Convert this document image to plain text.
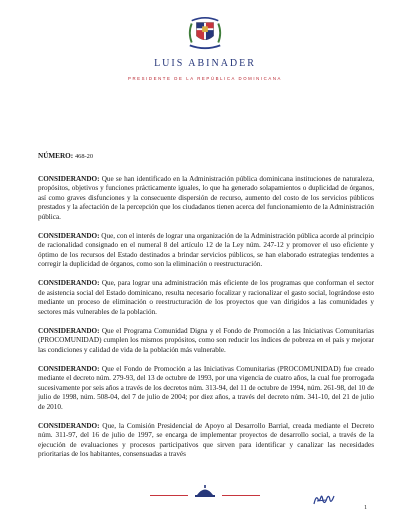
LUIS ABINADER
PRESIDENTE DE LA REPÚBLICA DOMINICANA

NÚMERO: 468-20

CONSIDERANDO: Que se han identificado en la Administración pública dominicana instituciones de naturaleza, propósitos, objetivos y funciones prácticamente iguales, lo que ha generado solapamientos o duplicidad de órganos, así como graves disfunciones y la consecuente dispersión de recurso, aumento del costo de los servicios públicos prestados y la afectación de la percepción que los ciudadanos tienen acerca del funcionamiento de la Administración pública.

CONSIDERANDO: Que, con el interés de lograr una organización de la Administración pública acorde al principio de racionalidad consignado en el numeral 8 del artículo 12 de la Ley núm. 247-12 y promover el uso eficiente y óptimo de los recursos del Estado destinados a brindar servicios públicos, se han elaborado estrategias tendentes a corregir la duplicidad de órganos, como son la eliminación o reestructuración.

CONSIDERANDO: Que, para lograr una administración más eficiente de los programas que conforman el sector de asistencia social del Estado dominicano, resulta necesario focalizar y racionalizar el gasto social, lográndose esto mediante un proceso de eliminación o reestructuración de los proyectos que van dirigidos a las comunidades y sectores más vulnerables de la población.

CONSIDERANDO: Que el Programa Comunidad Digna y el Fondo de Promoción a las Iniciativas Comunitarias (PROCOMUNIDAD) cumplen los mismos propósitos, como son reducir los índices de pobreza en el país y mejorar las condiciones y calidad de vida de la población más vulnerable.

CONSIDERANDO: Que el Fondo de Promoción a las Iniciativas Comunitarias (PROCOMUNIDAD) fue creado mediante el decreto núm. 279-93, del 13 de octubre de 1993, por una vigencia de cuatro años, la cual fue prorrogada sucesivamente por seis años a través de los decretos núm. 313-94, del 11 de octubre de 1994, núm. 261-98, del 10 de julio de 1998, núm. 508-04, del 7 de julio de 2004; por diez años, a través del decreto núm. 341-10, del 21 de julio de 2010.

CONSIDERANDO: Que, la Comisión Presidencial de Apoyo al Desarrollo Barrial, creada mediante el Decreto núm. 311-97, del 16 de julio de 1997, se encarga de implementar proyectos de desarrollo social, a través de la ejecución de evaluaciones y procesos participativos que sirven para identificar y canalizar las necesidades prioritarias de los habitantes, consensuadas a través

1
